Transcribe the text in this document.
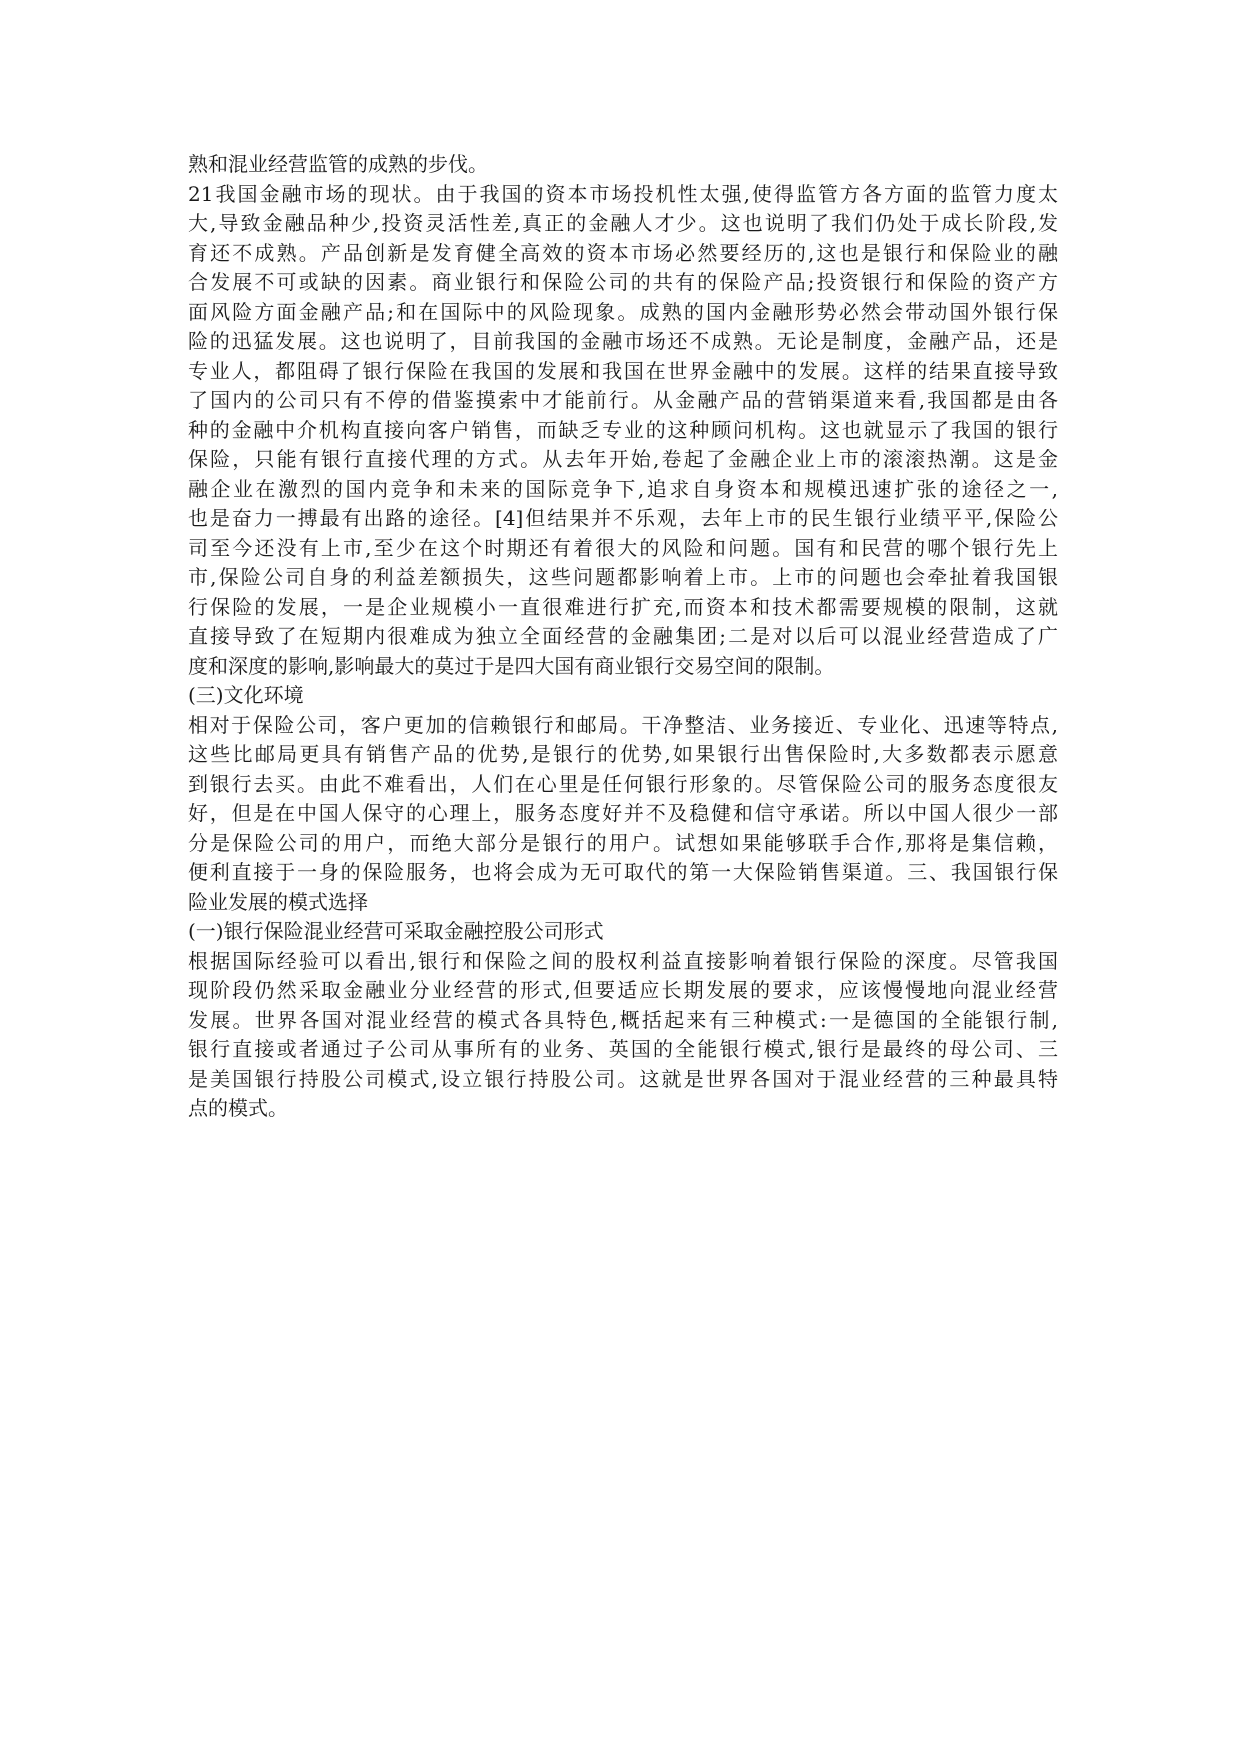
熟和混业经营监管的成熟的步伐。
21我国金融市场的现状。由于我国的资本市场投机性太强,使得监管方各方面的监管力度太
大,导致金融品种少,投资灵活性差,真正的金融人才少。这也说明了我们仍处于成长阶段,发
育还不成熟。产品创新是发育健全高效的资本市场必然要经历的,这也是银行和保险业的融
合发展不可或缺的因素。商业银行和保险公司的共有的保险产品;投资银行和保险的资产方
面风险方面金融产品;和在国际中的风险现象。成熟的国内金融形势必然会带动国外银行保
险的迅猛发展。这也说明了，目前我国的金融市场还不成熟。无论是制度，金融产品，还是
专业人，都阻碍了银行保险在我国的发展和我国在世界金融中的发展。这样的结果直接导致
了国内的公司只有不停的借鉴摸索中才能前行。从金融产品的营销渠道来看,我国都是由各
种的金融中介机构直接向客户销售，而缺乏专业的这种顾问机构。这也就显示了我国的银行
保险，只能有银行直接代理的方式。从去年开始,卷起了金融企业上市的滚滚热潮。这是金
融企业在激烈的国内竞争和未来的国际竞争下,追求自身资本和规模迅速扩张的途径之一,
也是奋力一搏最有出路的途径。[4]但结果并不乐观，去年上市的民生银行业绩平平,保险公
司至今还没有上市,至少在这个时期还有着很大的风险和问题。国有和民营的哪个银行先上
市,保险公司自身的利益差额损失，这些问题都影响着上市。上市的问题也会牵扯着我国银
行保险的发展，一是企业规模小一直很难进行扩充,而资本和技术都需要规模的限制，这就
直接导致了在短期内很难成为独立全面经营的金融集团;二是对以后可以混业经营造成了广
度和深度的影响,影响最大的莫过于是四大国有商业银行交易空间的限制。
(三)文化环境
相对于保险公司，客户更加的信赖银行和邮局。干净整洁、业务接近、专业化、迅速等特点,
这些比邮局更具有销售产品的优势,是银行的优势,如果银行出售保险时,大多数都表示愿意
到银行去买。由此不难看出，人们在心里是任何银行形象的。尽管保险公司的服务态度很友
好，但是在中国人保守的心理上，服务态度好并不及稳健和信守承诺。所以中国人很少一部
分是保险公司的用户，而绝大部分是银行的用户。试想如果能够联手合作,那将是集信赖，
便利直接于一身的保险服务，也将会成为无可取代的第一大保险销售渠道。三、我国银行保
险业发展的模式选择
(一)银行保险混业经营可采取金融控股公司形式
根据国际经验可以看出,银行和保险之间的股权利益直接影响着银行保险的深度。尽管我国
现阶段仍然采取金融业分业经营的形式,但要适应长期发展的要求，应该慢慢地向混业经营
发展。世界各国对混业经营的模式各具特色,概括起来有三种模式:一是德国的全能银行制,
银行直接或者通过子公司从事所有的业务、英国的全能银行模式,银行是最终的母公司、三
是美国银行持股公司模式,设立银行持股公司。这就是世界各国对于混业经营的三种最具特
点的模式。
